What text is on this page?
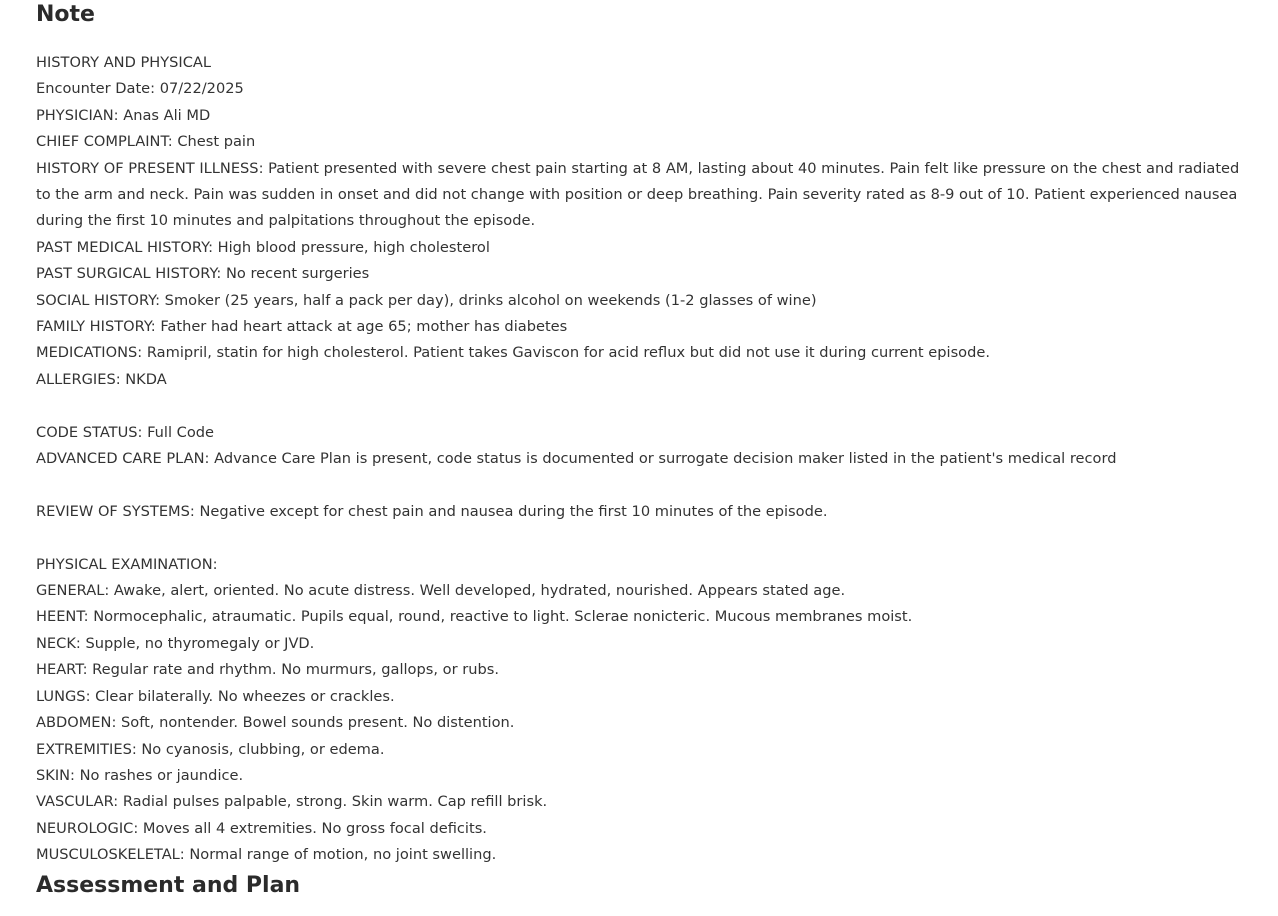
Note
HISTORY AND PHYSICAL
Encounter Date: 07/22/2025
PHYSICIAN: Anas Ali MD
CHIEF COMPLAINT: Chest pain
HISTORY OF PRESENT ILLNESS: Patient presented with severe chest pain starting at 8 AM, lasting about 40 minutes. Pain felt like pressure on the chest and radiated to the arm and neck. Pain was sudden in onset and did not change with position or deep breathing. Pain severity rated as 8-9 out of 10. Patient experienced nausea during the first 10 minutes and palpitations throughout the episode.
PAST MEDICAL HISTORY: High blood pressure, high cholesterol
PAST SURGICAL HISTORY: No recent surgeries
SOCIAL HISTORY: Smoker (25 years, half a pack per day), drinks alcohol on weekends (1-2 glasses of wine)
FAMILY HISTORY: Father had heart attack at age 65; mother has diabetes
MEDICATIONS: Ramipril, statin for high cholesterol. Patient takes Gaviscon for acid reflux but did not use it during current episode.
ALLERGIES: NKDA
CODE STATUS: Full Code
ADVANCED CARE PLAN: Advance Care Plan is present, code status is documented or surrogate decision maker listed in the patient's medical record
REVIEW OF SYSTEMS: Negative except for chest pain and nausea during the first 10 minutes of the episode.
PHYSICAL EXAMINATION:
GENERAL: Awake, alert, oriented. No acute distress. Well developed, hydrated, nourished. Appears stated age.
HEENT: Normocephalic, atraumatic. Pupils equal, round, reactive to light. Sclerae nonicteric. Mucous membranes moist.
NECK: Supple, no thyromegaly or JVD.
HEART: Regular rate and rhythm. No murmurs, gallops, or rubs.
LUNGS: Clear bilaterally. No wheezes or crackles.
ABDOMEN: Soft, nontender. Bowel sounds present. No distention.
EXTREMITIES: No cyanosis, clubbing, or edema.
SKIN: No rashes or jaundice.
VASCULAR: Radial pulses palpable, strong. Skin warm. Cap refill brisk.
NEUROLOGIC: Moves all 4 extremities. No gross focal deficits.
MUSCULOSKELETAL: Normal range of motion, no joint swelling.
Assessment and Plan
